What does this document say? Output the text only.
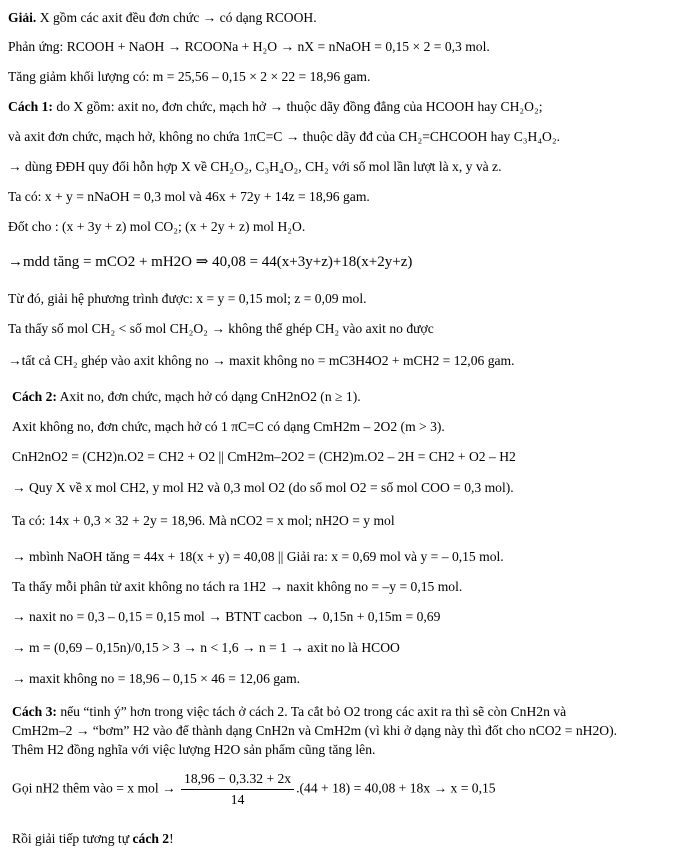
Giải. X gồm các axit đều đơn chức → có dạng RCOOH.
Phản ứng: RCOOH + NaOH → RCOONa + H₂O → nX = nNaOH = 0,15 × 2 = 0,3 mol.
Tăng giảm khối lượng có: m = 25,56 – 0,15 × 2 × 22 = 18,96 gam.
Cách 1: do X gồm: axit no, đơn chức, mạch hở → thuộc dãy đồng đẳng của HCOOH hay CH₂O₂;
và axit đơn chức, mạch hở, không no chứa 1πC=C → thuộc dãy đđ của CH₂=CHCOOH hay C₃H₄O₂.
→ dùng ĐĐH quy đổi hỗn hợp X về CH₂O₂, C₃H₄O₂, CH₂ với số mol lần lượt là x, y và z.
Ta có: x + y = nNaOH = 0,3 mol và 46x + 72y + 14z = 18,96 gam.
Đốt cho : (x + 3y + z) mol CO₂; (x + 2y + z) mol H₂O.
→mdd tăng = mCO2 + mH2O ⇒ 40,08 = 44(x+3y+z)+18(x+2y+z)
Từ đó, giải hệ phương trình được: x = y = 0,15 mol; z = 0,09 mol.
Ta thấy số mol CH₂ < số mol CH₂O₂ → không thể ghép CH₂ vào axit no được
→tất cả CH₂ ghép vào axit không no → maxit không no = mC3H4O2 + mCH2 = 12,06 gam.
Cách 2: Axit no, đơn chức, mạch hở có dạng CnH2nO2 (n ≥ 1).
Axit không no, đơn chức, mạch hở có 1 πC=C có dạng CmH2m – 2O2 (m > 3).
CnH2nO2 = (CH2)n.O2 = CH2 + O2 || CmH2m–2O2 = (CH2)m.O2 – 2H = CH2 + O2 – H2
→ Quy X về x mol CH2, y mol H2 và 0,3 mol O2 (do số mol O2 = số mol COO = 0,3 mol).
Ta có: 14x + 0,3 × 32 + 2y = 18,96. Mà nCO2 = x mol; nH2O = y mol
→ mbình NaOH tăng = 44x + 18(x + y) = 40,08 || Giải ra: x = 0,69 mol và y = – 0,15 mol.
Ta thấy mỗi phân tử axit không no tách ra 1H2 → naxit không no = –y = 0,15 mol.
→ naxit no = 0,3 – 0,15 = 0,15 mol → BTNT cacbon → 0,15n + 0,15m = 0,69
→ m = (0,69 – 0,15n)/0,15 > 3 → n < 1,6 → n = 1 → axit no là HCOO
→ maxit không no = 18,96 – 0,15 × 46 = 12,06 gam.
Cách 3: nếu “tinh ý” hơn trong việc tách ở cách 2. Ta cắt bỏ O2 trong các axit ra thì sẽ còn CnH2n và
CmH2m–2 → “bơm” H2 vào để thành dạng CnH2n và CmH2m (vì khi ở dạng này thì đốt cho nCO2 = nH2O).
Thêm H2 đồng nghĩa với việc lượng H2O sản phẩm cũng tăng lên.
Gọi nH2 thêm vào = x mol → $\frac{18,96 - 0,3.32 + 2x}{14} .(44 + 18) = 40,08 + 18x \to x = 0,15$
Rồi giải tiếp tương tự cách 2!
